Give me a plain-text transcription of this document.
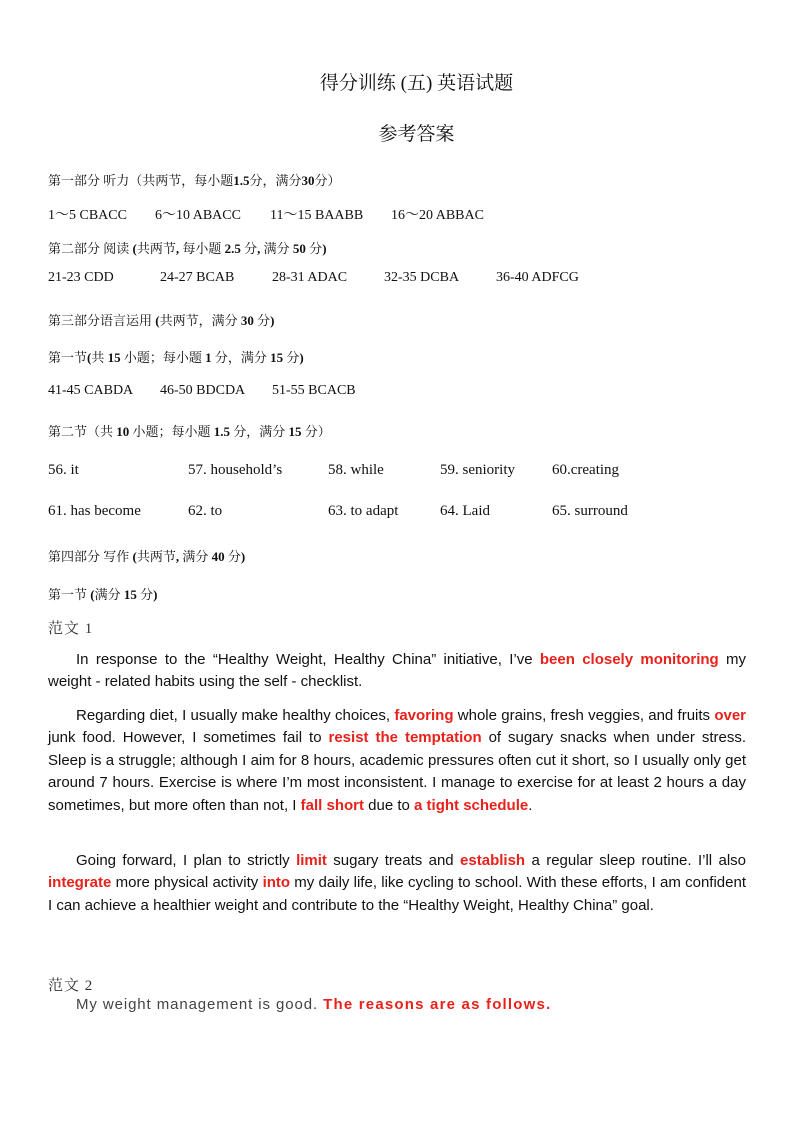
得分训练 (五) 英语试题
参考答案
第一部分 听力（共两节，每小题1.5分，满分30分）
1～5 CBACC 6～10 ABACC 11～15 BAABB 16～20 ABBAC
第二部分 阅读 (共两节, 每小题 2.5 分, 满分 50 分)
21-23 CDD	24-27 BCAB	28-31 ADAC	32-35 DCBA	36-40 ADFCG
第三部分语言运用 (共两节，满分 30 分)
第一节(共 15 小题；每小题 1 分，满分 15 分)
41-45 CABDA 46-50 BDCDA 51-55 BCACB
第二节（共 10 小题；每小题 1.5 分，满分 15 分）
56. it	57. household’s	58. while	59. seniority 60.creating
61. has become	62. to	63. to adapt	64. Laid	65. surround
第四部分 写作 (共两节, 满分 40 分)
第一节 (满分 15 分)
范文 1

In response to the “Healthy Weight, Healthy China” initiative, I’ve been closely monitoring my weight - related habits using the self - checklist.

Regarding diet, I usually make healthy choices, favoring whole grains, fresh veggies, and fruits over junk food. However, I sometimes fail to resist the temptation of sugary snacks when under stress. Sleep is a struggle; although I aim for 8 hours, academic pressures often cut it short, so I usually only get around 7 hours. Exercise is where I’m most inconsistent. I manage to exercise for at least 2 hours a day sometimes, but more often than not, I fall short due to a tight schedule.

Going forward, I plan to strictly limit sugary treats and establish a regular sleep routine. I’ll also integrate more physical activity into my daily life, like cycling to school. With these efforts, I am confident I can achieve a healthier weight and contribute to the “Healthy Weight, Healthy China” goal.

范文 2
My weight management is good. The reasons are as follows.
